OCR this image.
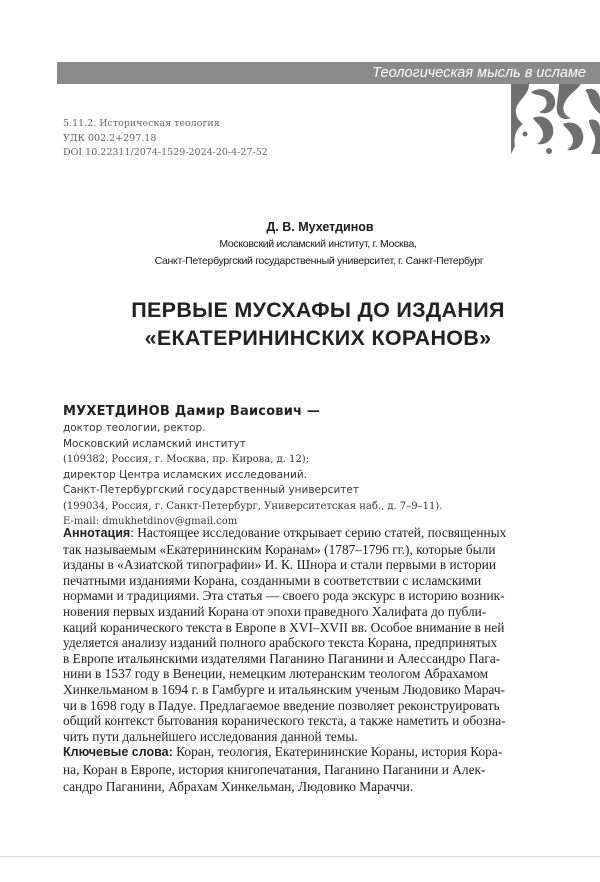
Теологическая мысль в исламе
5.11.2. Историческая теология
УДК 002.2+297.18
DOI 10.22311/2074-1529-2024-20-4-27-52
Д. В. Мухетдинов
Московский исламский институт, г. Москва,
Санкт-Петербургский государственный университет, г. Санкт-Петербург
ПЕРВЫЕ МУСХАФЫ ДО ИЗДАНИЯ
«ЕКАТЕРИНИНСКИХ КОРАНОВ»
МУХЕТДИНОВ Дамир Ваисович —
доктор теологии, ректор.
Московский исламский институт
(109382, Россия, г. Москва, пр. Кирова, д. 12);
директор Центра исламских исследований.
Санкт-Петербургский государственный университет
(199034, Россия, г. Санкт-Петербург, Университетская наб., д. 7–9–11).
E-mail: dmukhetdinov@gmail.com
Аннотация: Настоящее исследование открывает серию статей, посвященных
так называемым «Екатерининским Коранам» (1787–1796 гг.), которые были
изданы в «Азиатской типографии» И. К. Шнора и стали первыми в истории
печатными изданиями Корана, созданными в соответствии с исламскими
нормами и традициями. Эта статья — своего рода экскурс в историю возник-
новения первых изданий Корана от эпохи праведного Халифата до публи-
каций коранического текста в Европе в XVI–XVII вв. Особое внимание в ней
уделяется анализу изданий полного арабского текста Корана, предпринятых
в Европе итальянскими издателями Паганино Паганини и Алессандро Пага-
нини в 1537 году в Венеции, немецким лютеранским теологом Абрахамом
Хинкельманом в 1694 г. в Гамбурге и итальянским ученым Людовико Марач-
чи в 1698 году в Падуе. Предлагаемое введение позволяет реконструировать
общий контекст бытования коранического текста, а также наметить и обозна-
чить пути дальнейшего исследования данной темы.
Ключевые слова: Коран, теология, Екатерининские Кораны, история Кора-
на, Коран в Европе, история книгопечатания, Паганино Паганини и Алек-
сандро Паганини, Абрахам Хинкельман, Людовико Мараччи.
